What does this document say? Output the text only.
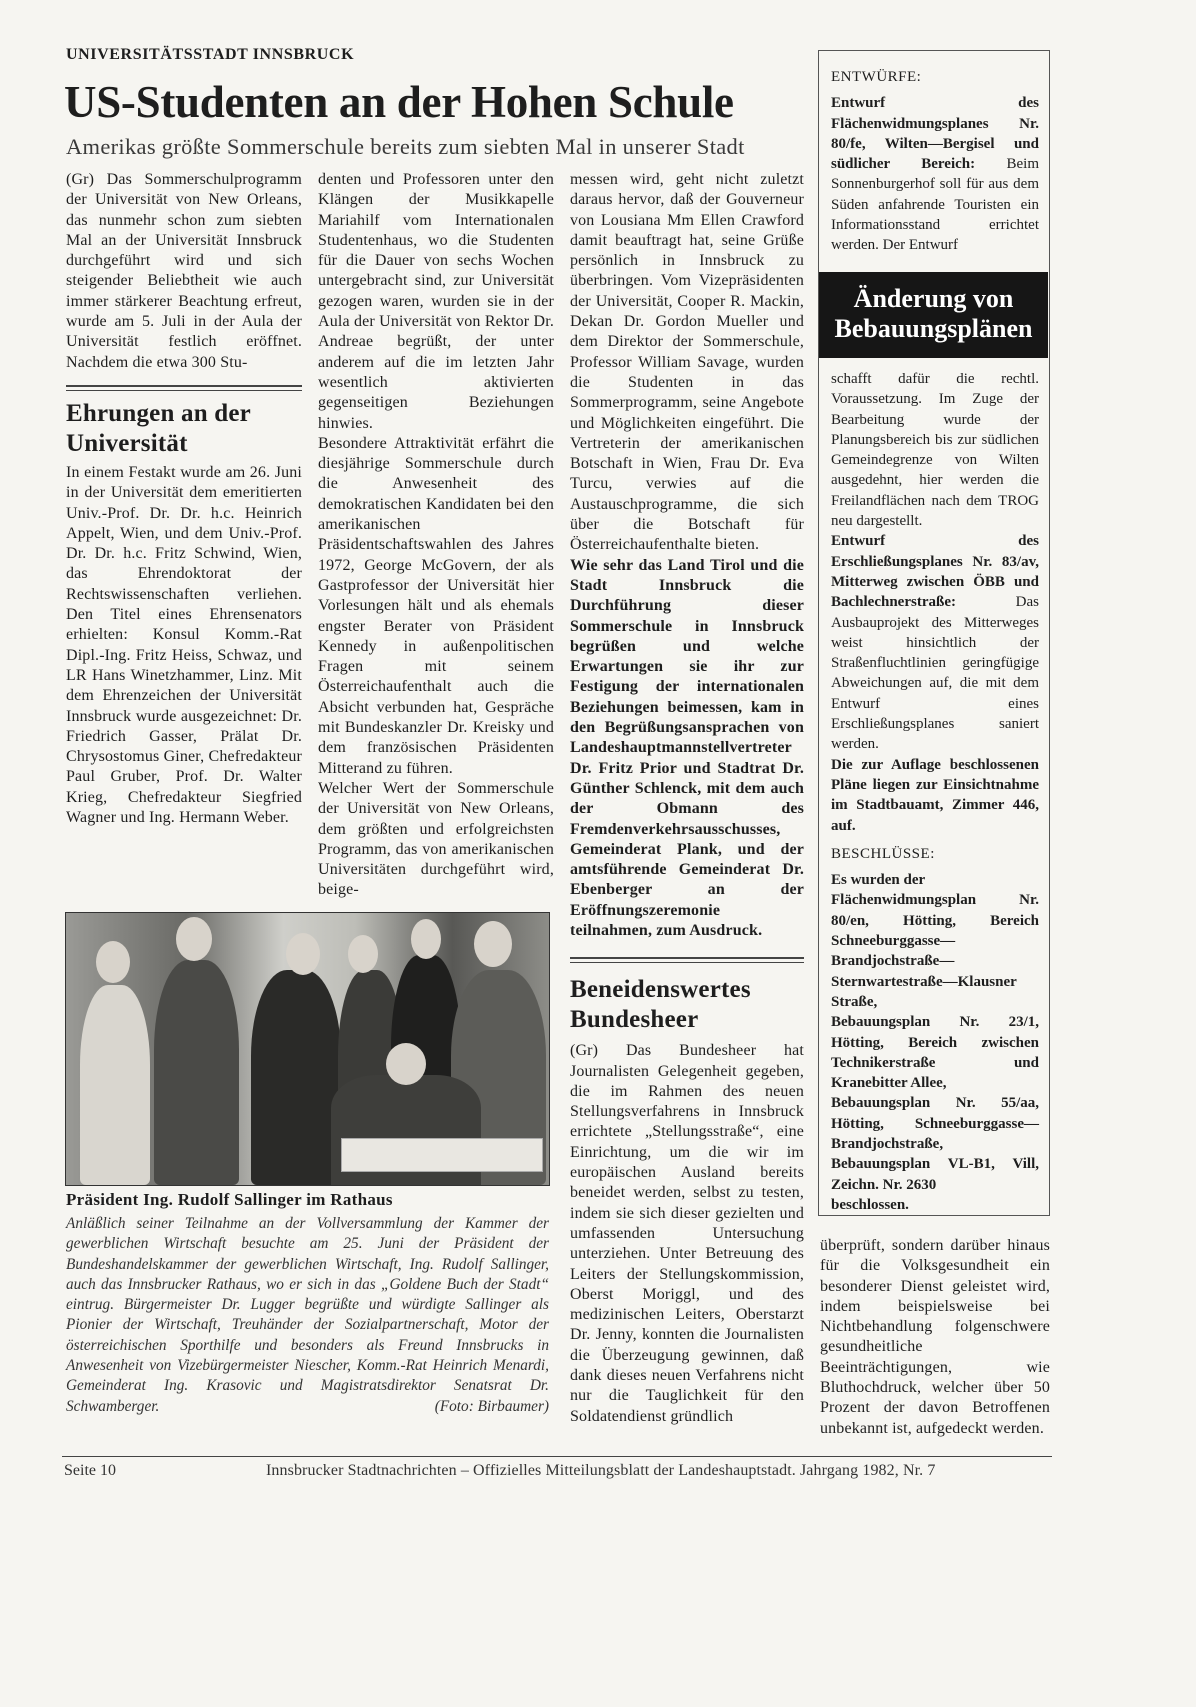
UNIVERSITÄTSSTADT INNSBRUCK
US-Studenten an der Hohen Schule
Amerikas größte Sommerschule bereits zum siebten Mal in unserer Stadt

(Gr) Das Sommerschulprogramm der Universität von New Orleans, das nunmehr schon zum siebten Mal an der Universität Innsbruck durchgeführt wird und sich steigender Beliebtheit wie auch immer stärkerer Beachtung erfreut, wurde am 5. Juli in der Aula der Universität festlich eröffnet. Nachdem die etwa 300 Stu-

Ehrungen an der Universität

In einem Festakt wurde am 26. Juni in der Universität dem emeritierten Univ.-Prof. Dr. Dr. h.c. Heinrich Appelt, Wien, und dem Univ.-Prof. Dr. Dr. h.c. Fritz Schwind, Wien, das Ehrendoktorat der Rechtswissenschaften verliehen. Den Titel eines Ehrensenators erhielten: Konsul Komm.-Rat Dipl.-Ing. Fritz Heiss, Schwaz, und LR Hans Winetzhammer, Linz. Mit dem Ehrenzeichen der Universität Innsbruck wurde ausgezeichnet: Dr. Friedrich Gasser, Prälat Dr. Chrysostomus Giner, Chefredakteur Paul Gruber, Prof. Dr. Walter Krieg, Chefredakteur Siegfried Wagner und Ing. Hermann Weber.

denten und Professoren unter den Klängen der Musikkapelle Mariahilf vom Internationalen Studentenhaus, wo die Studenten für die Dauer von sechs Wochen untergebracht sind, zur Universität gezogen waren, wurden sie in der Aula der Universität von Rektor Dr. Andreae begrüßt, der unter anderem auf die im letzten Jahr wesentlich aktivierten gegenseitigen Beziehungen hinwies.

Besondere Attraktivität erfährt die diesjährige Sommerschule durch die Anwesenheit des demokratischen Kandidaten bei den amerikanischen Präsidentschaftswahlen des Jahres 1972, George McGovern, der als Gastprofessor der Universität hier Vorlesungen hält und als ehemals engster Berater von Präsident Kennedy in außenpolitischen Fragen mit seinem Österreichaufenthalt auch die Absicht verbunden hat, Gespräche mit Bundeskanzler Dr. Kreisky und dem französischen Präsidenten Mitterand zu führen.

Welcher Wert der Sommerschule der Universität von New Orleans, dem größten und erfolgreichsten Programm, das von amerikanischen Universitäten durchgeführt wird, beige-

messen wird, geht nicht zuletzt daraus hervor, daß der Gouverneur von Lousiana Mm Ellen Crawford damit beauftragt hat, seine Grüße persönlich in Innsbruck zu überbringen. Vom Vizepräsidenten der Universität, Cooper R. Mackin, Dekan Dr. Gordon Mueller und dem Direktor der Sommerschule, Professor William Savage, wurden die Studenten in das Sommerprogramm, seine Angebote und Möglichkeiten eingeführt. Die Vertreterin der amerikanischen Botschaft in Wien, Frau Dr. Eva Turcu, verwies auf die Austauschprogramme, die sich über die Botschaft für Österreichaufenthalte bieten.

Wie sehr das Land Tirol und die Stadt Innsbruck die Durchführung dieser Sommerschule in Innsbruck begrüßen und welche Erwartungen sie ihr zur Festigung der internationalen Beziehungen beimessen, kam in den Begrüßungsansprachen von Landeshauptmannstellvertreter Dr. Fritz Prior und Stadtrat Dr. Günther Schlenck, mit dem auch der Obmann des Fremdenverkehrsausschusses, Gemeinderat Plank, und der amtsführende Gemeinderat Dr. Ebenberger an der Eröffnungszeremonie teilnahmen, zum Ausdruck.

Beneidenswertes Bundesheer

(Gr) Das Bundesheer hat Journalisten Gelegenheit gegeben, die im Rahmen des neuen Stellungsverfahrens in Innsbruck errichtete „Stellungsstraße“, eine Einrichtung, um die wir im europäischen Ausland bereits beneidet werden, selbst zu testen, indem sie sich dieser gezielten und umfassenden Untersuchung unterziehen. Unter Betreuung des Leiters der Stellungskommission, Oberst Moriggl, und des medizinischen Leiters, Oberstarzt Dr. Jenny, konnten die Journalisten die Überzeugung gewinnen, daß dank dieses neuen Verfahrens nicht nur die Tauglichkeit für den Soldatendienst gründlich

Präsident Ing. Rudolf Sallinger im Rathaus
Anläßlich seiner Teilnahme an der Vollversammlung der Kammer der gewerblichen Wirtschaft besuchte am 25. Juni der Präsident der Bundeshandelskammer der gewerblichen Wirtschaft, Ing. Rudolf Sallinger, auch das Innsbrucker Rathaus, wo er sich in das „Goldene Buch der Stadt“ eintrug. Bürgermeister Dr. Lugger begrüßte und würdigte Sallinger als Pionier der Wirtschaft, Treuhänder der Sozialpartnerschaft, Motor der österreichischen Sporthilfe und besonders als Freund Innsbrucks in Anwesenheit von Vizebürgermeister Niescher, Komm.-Rat Heinrich Menardi, Gemeinderat Ing. Krasovic und Magistratsdirektor Senatsrat Dr. Schwamberger.	(Foto: Birbaumer)
ENTWÜRFE:

Entwurf des Flächenwidmungsplanes Nr. 80/fe, Wilten—Bergisel und südlicher Bereich: Beim Sonnenburgerhof soll für aus dem Süden anfahrende Touristen ein Informationsstand errichtet werden. Der Entwurf

Änderung von Bebauungsplänen

schafft dafür die rechtl. Voraussetzung. Im Zuge der Bearbeitung wurde der Planungsbereich bis zur südlichen Gemeindegrenze von Wilten ausgedehnt, hier werden die Freilandflächen nach dem TROG neu dargestellt.

Entwurf des Erschließungsplanes Nr. 83/av, Mitterweg zwischen ÖBB und Bachlechnerstraße: Das Ausbauprojekt des Mitterweges weist hinsichtlich der Straßenfluchtlinien geringfügige Abweichungen auf, die mit dem Entwurf eines Erschließungsplanes saniert werden.

Die zur Auflage beschlossenen Pläne liegen zur Einsichtnahme im Stadtbauamt, Zimmer 446, auf.

BESCHLÜSSE:

Es wurden der

Flächenwidmungsplan Nr. 80/en, Hötting, Bereich Schneeburggasse—Brandjochstraße—Sternwartestraße—Klausner Straße,

Bebauungsplan Nr. 23/1, Hötting, Bereich zwischen Technikerstraße und Kranebitter Allee,

Bebauungsplan Nr. 55/aa, Hötting, Schneeburggasse—Brandjochstraße,

Bebauungsplan VL-B1, Vill, Zeichn. Nr. 2630

beschlossen.

überprüft, sondern darüber hinaus für die Volksgesundheit ein besonderer Dienst geleistet wird, indem beispielsweise bei Nichtbehandlung folgenschwere gesundheitliche Beeinträchtigungen, wie Bluthochdruck, welcher über 50 Prozent der davon Betroffenen unbekannt ist, aufgedeckt werden.

Seite 10	Innsbrucker Stadtnachrichten – Offizielles Mitteilungsblatt der Landeshauptstadt. Jahrgang 1982, Nr. 7
